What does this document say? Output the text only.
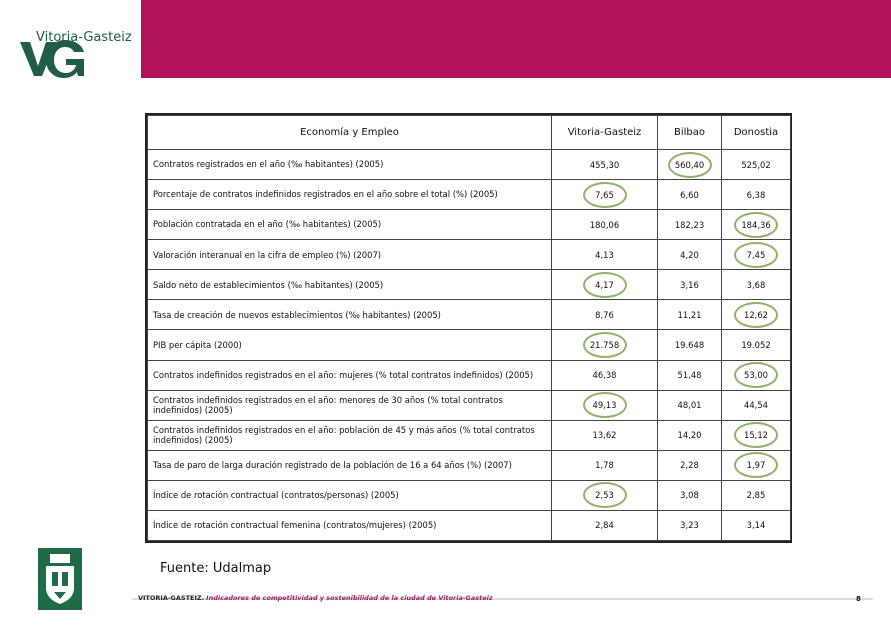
Vitoria-Gasteiz
Economía y Empleo	Vitoria-Gasteiz	Bilbao	Donostia
Contratos registrados en el año (‰ habitantes) (2005)	455,30	560,40	525,02
Porcentaje de contratos indefinidos registrados en el año sobre el total (%) (2005)	7,65	6,60	6,38
Población contratada en el año (‰ habitantes) (2005)	180,06	182,23	184,36

Valoración interanual en la cifra de empleo (%) (2007)	4,13	4,20	7,45

Saldo neto de establecimientos (‰ habitantes) (2005)	4,17	3,16	3,68
Tasa de creación de nuevos establecimientos (‰ habitantes) (2005)	8,76	11,21	12,62

PIB per cápita (2000)	21.758	19.648	19.052
Contratos indefinidos registrados en el año: mujeres (% total contratos indefinidos) (2005)	46,38	51,48	53,00

Contratos indefinidos registrados en el año: menores de 30 años (% total contratos indefinidos) (2005)	49,13	48,01	44,54
Contratos indefinidos registrados en el año: población de 45 y más años (% total contratos indefinidos) (2005)	13,62	14,20	15,12

Tasa de paro de larga duración registrado de la población de 16 a 64 años (%) (2007)	1,78	2,28	1,97

Índice de rotación contractual (contratos/personas) (2005)	2,53	3,08	2,85
Índice de rotación contractual femenina (contratos/mujeres) (2005)	2,84	3,23	3,14
Fuente: Udalmap
VITORIA-GASTEIZ. Indicadores de competitividad y sostenibilidad de la ciudad de Vitoria-Gasteiz	8
